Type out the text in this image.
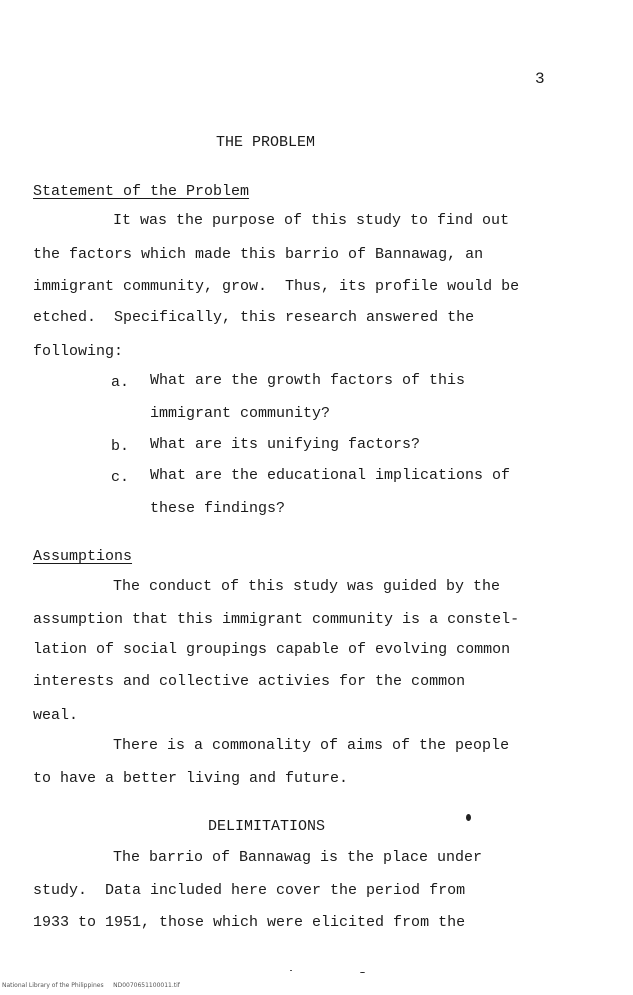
3

THE PROBLEM

Statement of the Problem

It was the purpose of this study to find out

the factors which made this barrio of Bannawag, an

immigrant community, grow.  Thus, its profile would be

etched.  Specifically, this research answered the

following:

a. What are the growth factors of this

immigrant community?

b. What are its unifying factors?

c. What are the educational implications of

these findings?

Assumptions

The conduct of this study was guided by the

assumption that this immigrant community is a constel-

lation of social groupings capable of evolving common

interests and collective activies for the common

weal.

There is a commonality of aims of the people

to have a better living and future.

DELIMITATIONS

The barrio of Bannawag is the place under

study.  Data included here cover the period from

1933 to 1951, those which were elicited from the

National Library of the Philippines     ND0070651100011.tif
